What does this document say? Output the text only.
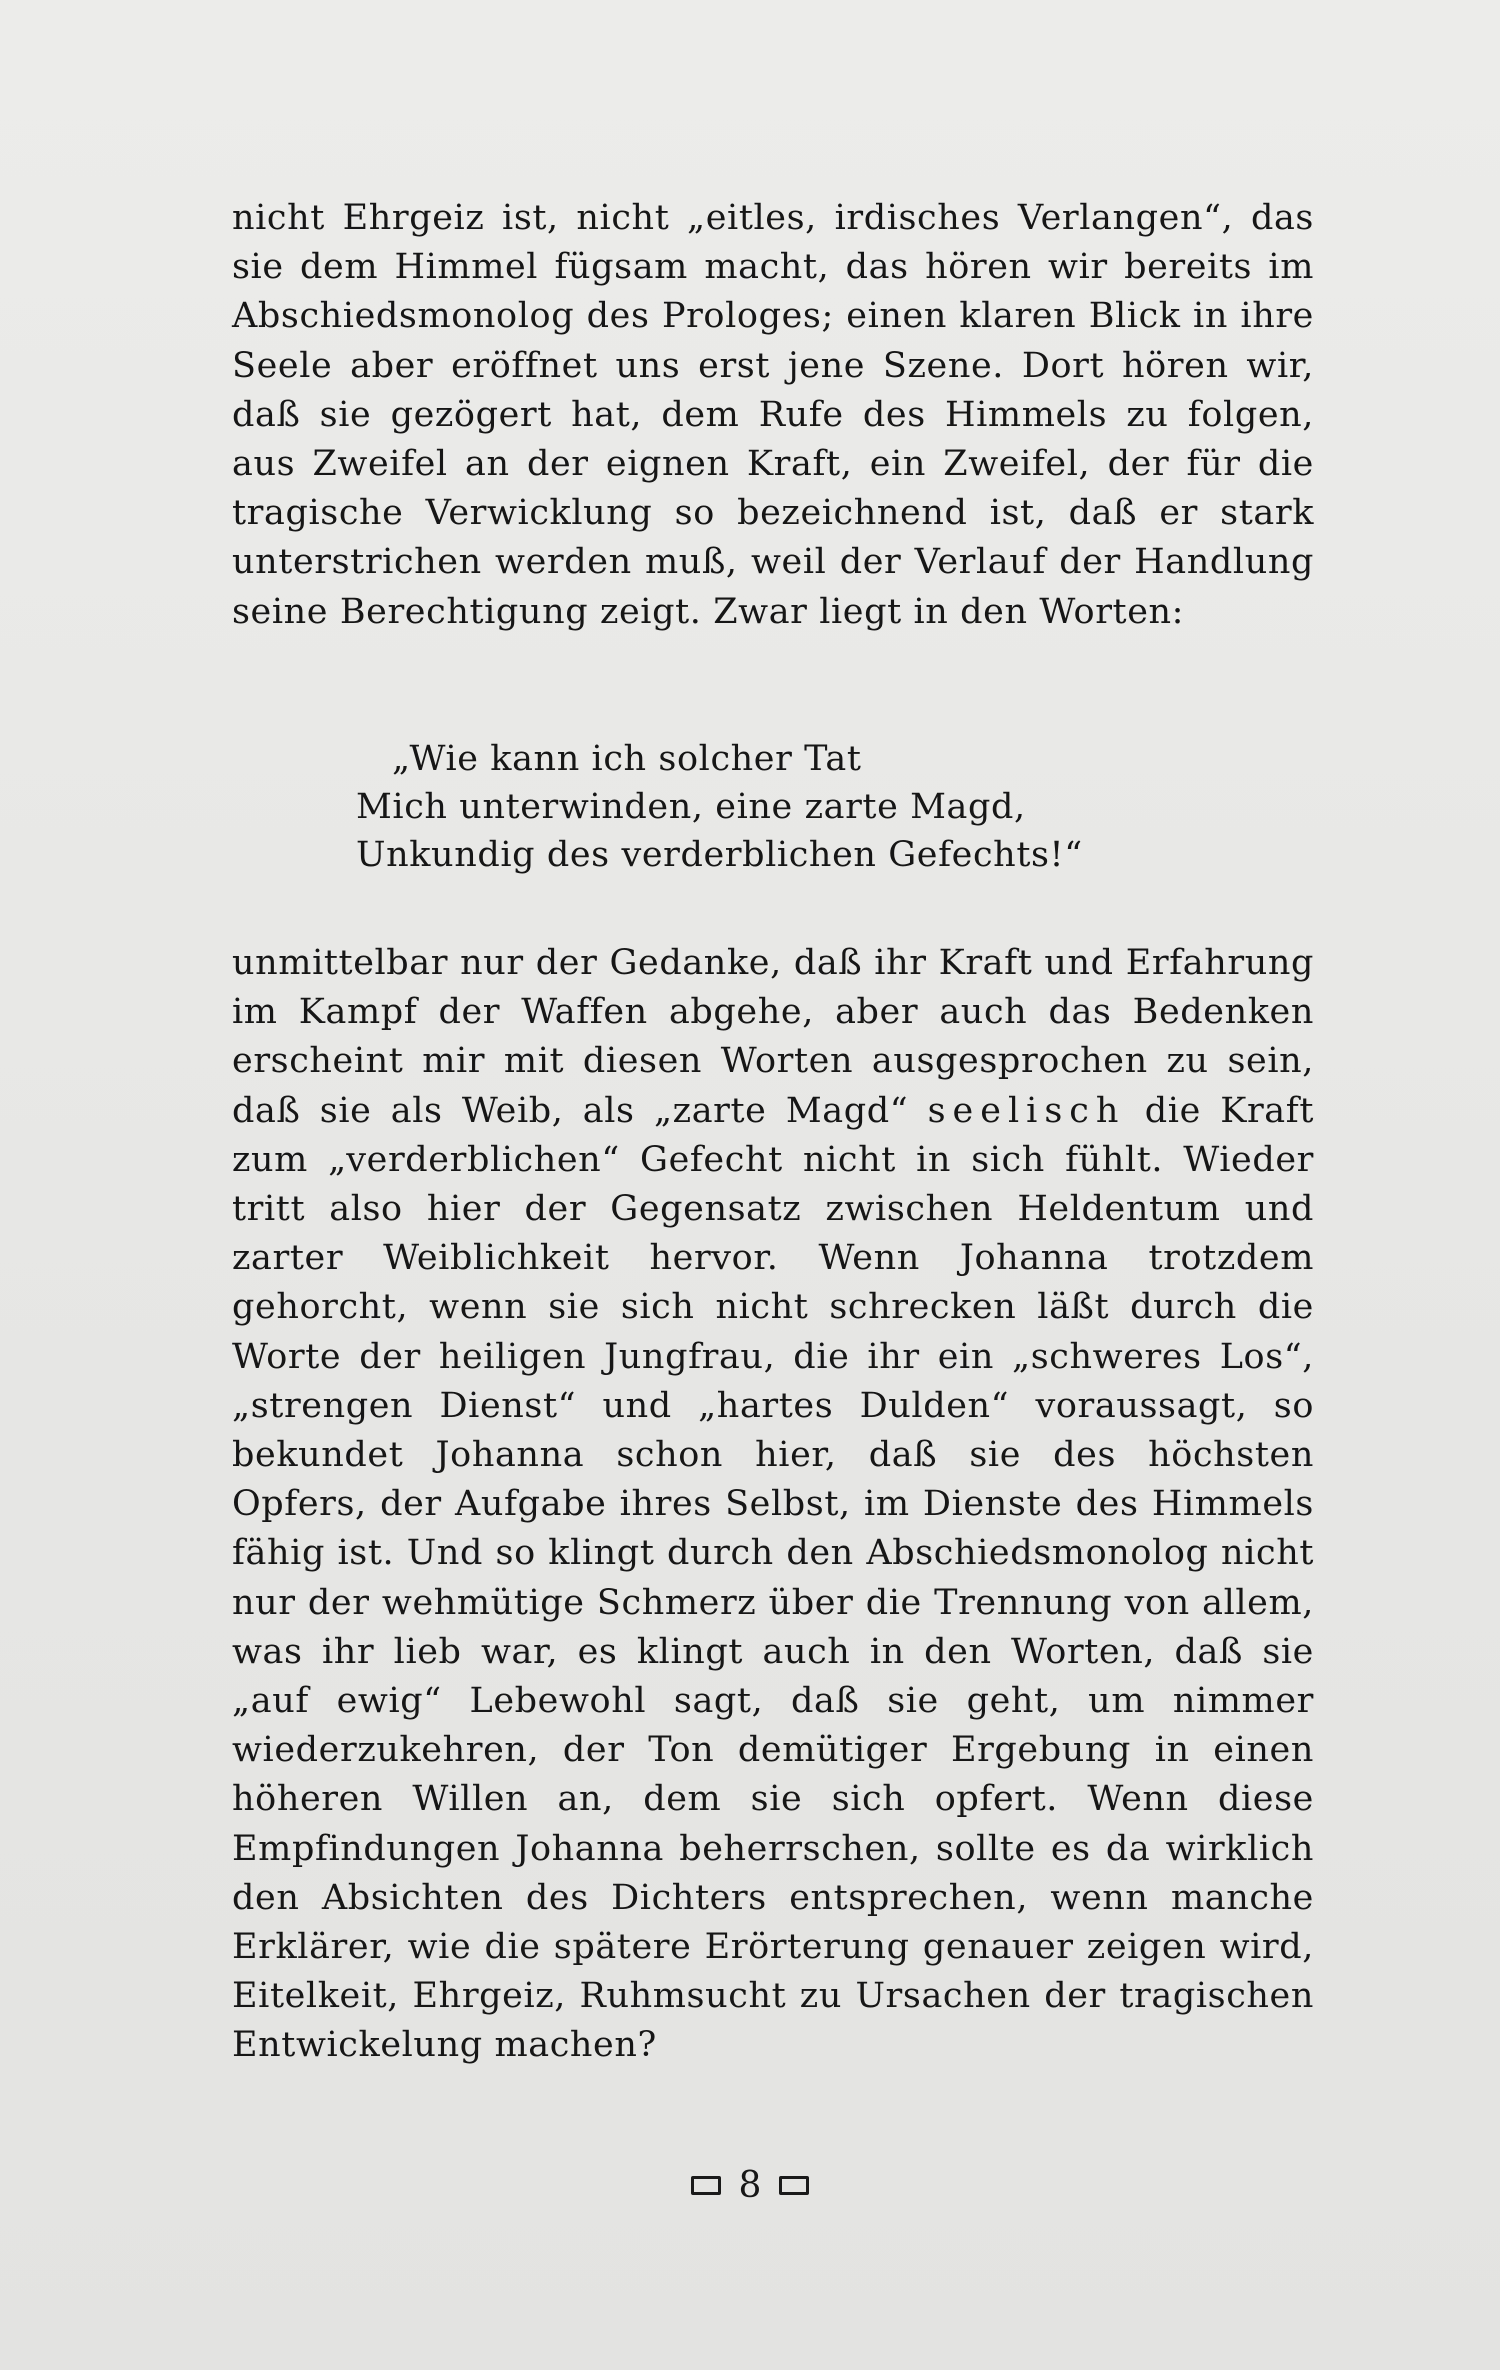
nicht Ehrgeiz ist, nicht „eitles, irdisches Verlangen“, das sie dem Himmel fügsam macht, das hören wir bereits im Abschiedsmonolog des Prologes; einen klaren Blick in ihre Seele aber eröffnet uns erst jene Szene. Dort hören wir, daß sie gezögert hat, dem Rufe des Himmels zu folgen, aus Zweifel an der eignen Kraft, ein Zweifel, der für die tragische Verwicklung so bezeichnend ist, daß er stark unterstrichen werden muß, weil der Verlauf der Handlung seine Berechtigung zeigt. Zwar liegt in den Worten:

„Wie kann ich solcher Tat
Mich unterwinden, eine zarte Magd,
Unkundig des verderblichen Gefechts!“

unmittelbar nur der Gedanke, daß ihr Kraft und Erfahrung im Kampf der Waffen abgehe, aber auch das Bedenken erscheint mir mit diesen Worten ausgesprochen zu sein, daß sie als Weib, als „zarte Magd“ seelisch die Kraft zum „verderblichen“ Gefecht nicht in sich fühlt. Wieder tritt also hier der Gegensatz zwischen Heldentum und zarter Weiblichkeit hervor. Wenn Johanna trotzdem gehorcht, wenn sie sich nicht schrecken läßt durch die Worte der heiligen Jungfrau, die ihr ein „schweres Los“, „strengen Dienst“ und „hartes Dulden“ voraussagt, so bekundet Johanna schon hier, daß sie des höchsten Opfers, der Aufgabe ihres Selbst, im Dienste des Himmels fähig ist. Und so klingt durch den Abschiedsmonolog nicht nur der wehmütige Schmerz über die Trennung von allem, was ihr lieb war, es klingt auch in den Worten, daß sie „auf ewig“ Lebewohl sagt, daß sie geht, um nimmer wiederzukehren, der Ton demütiger Ergebung in einen höheren Willen an, dem sie sich opfert. Wenn diese Empfindungen Johanna beherrschen, sollte es da wirklich den Absichten des Dichters entsprechen, wenn manche Erklärer, wie die spätere Erörterung genauer zeigen wird, Eitelkeit, Ehrgeiz, Ruhmsucht zu Ursachen der tragischen Entwickelung machen?

8
